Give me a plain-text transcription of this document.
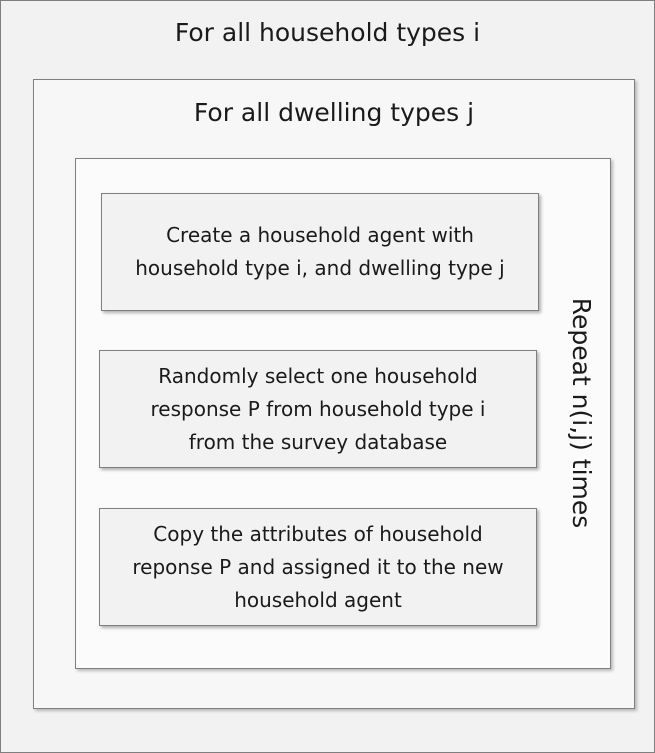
For all household types i
For all dwelling types j
Create a household agent with
household type i, and dwelling type j
Randomly select one household
response P from household type i
from the survey database
Copy the attributes of household
reponse P and assigned it to the new
household agent
Repeat n(i,j) times
